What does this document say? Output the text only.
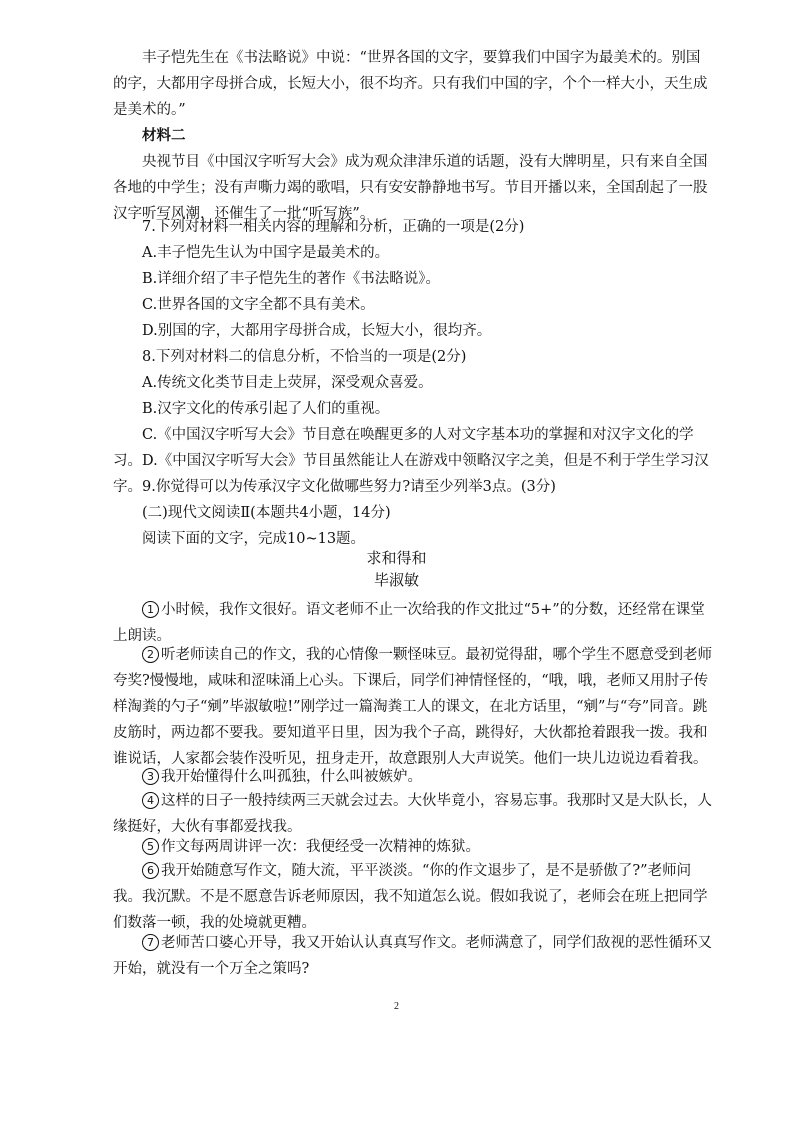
丰子恺先生在《书法略说》中说：“世界各国的文字，要算我们中国字为最美术的。别国的字，大都用字母拼合成，长短大小，很不均齐。只有我们中国的字，个个一样大小，天生成是美术的。”
材料二
央视节目《中国汉字听写大会》成为观众津津乐道的话题，没有大牌明星，只有来自全国各地的中学生；没有声嘶力竭的歌唱，只有安安静静地书写。节目开播以来，全国刮起了一股汉字听写风潮，还催生了一批“听写族”。
7.下列对材料一相关内容的理解和分析，正确的一项是(2分)
A.丰子恺先生认为中国字是最美术的。
B.详细介绍了丰子恺先生的著作《书法略说》。
C.世界各国的文字全都不具有美术。
D.别国的字，大都用字母拼合成，长短大小，很均齐。
8.下列对材料二的信息分析，不恰当的一项是(2分)
A.传统文化类节目走上荧屏，深受观众喜爱。
B.汉字文化的传承引起了人们的重视。
C.《中国汉字听写大会》节目意在唤醒更多的人对文字基本功的掌握和对汉字文化的学习。 D.《中国汉字听写大会》节目虽然能让人在游戏中领略汉字之美，但是不利于学生学习汉字。 9.你觉得可以为传承汉字文化做哪些努力?请至少列举3点。(3分)
(二)现代文阅读Ⅱ(本题共4小题，14分)
阅读下面的文字，完成10~13题。
求和得和
毕淑敏
1 小时候，我作文很好。语文老师不止一次给我的作文批过“5+”的分数，还经常在课堂上朗读。
2 听老师读自己的作文，我的心情像一颗怪味豆。最初觉得甜，哪个学生不愿意受到老师夸奖?慢慢地，咸味和涩味涌上心头。下课后，同学们神情怪怪的，“哦，哦，老师又用肘子传样淘粪的勺子“剜”毕淑敏啦!”刚学过一篇淘粪工人的课文，在北方话里，“剜”与“夸”同音。跳皮筋时，两边都不要我。要知道平日里，因为我个子高，跳得好，大伙都抢着跟我一拨。我和谁说话，人家都会装作没听见，扭身走开，故意跟别人大声说笑。他们一块儿边说边看着我。
3 我开始懂得什么叫孤独，什么叫被嫉妒。
4 这样的日子一般持续两三天就会过去。大伙毕竟小，容易忘事。我那时又是大队长，人缘挺好，大伙有事都爱找我。
5 作文每两周讲评一次：我便经受一次精神的炼狱。
6 我开始随意写作文，随大流，平平淡淡。“你的作文退步了，是不是骄傲了?”老师问我。我沉默。不是不愿意告诉老师原因，我不知道怎么说。假如我说了，老师会在班上把同学们数落一顿，我的处境就更糟。
7 老师苦口婆心开导，我又开始认认真真写作文。老师满意了，同学们敌视的恶性循环又开始，就没有一个万全之策吗?
2
